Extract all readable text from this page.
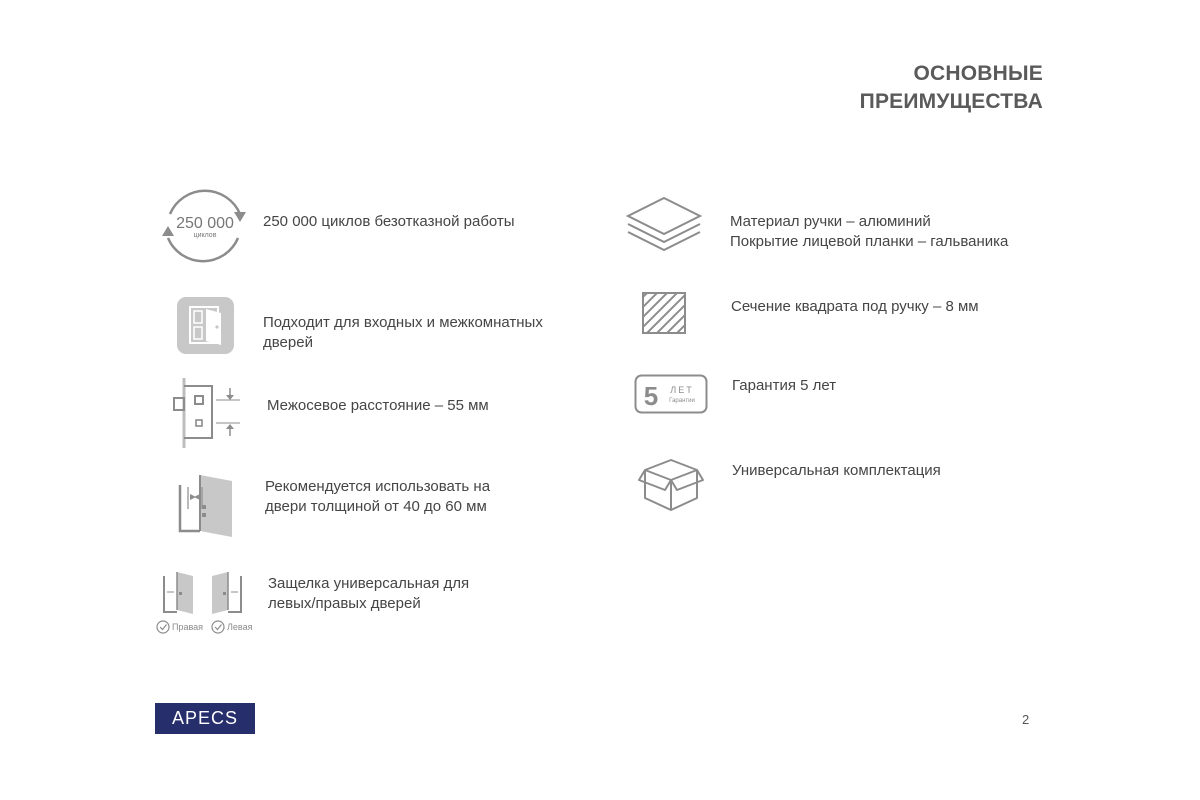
ОСНОВНЫЕ
ПРЕИМУЩЕСТВА
250 000
циклов
250 000 циклов безотказной работы
Подходит для входных и межкомнатных
дверей
Межосевое расстояние – 55 мм
Рекомендуется использовать на
двери толщиной от 40 до 60 мм
Правая	Левая
Защелка универсальная для
левых/правых дверей
Материал ручки – алюминий
Покрытие лицевой планки – гальваника
Сечение квадрата под ручку – 8 мм
5 ЛЕТ
Гарантии
Гарантия 5 лет
Универсальная комплектация
APECS	2
